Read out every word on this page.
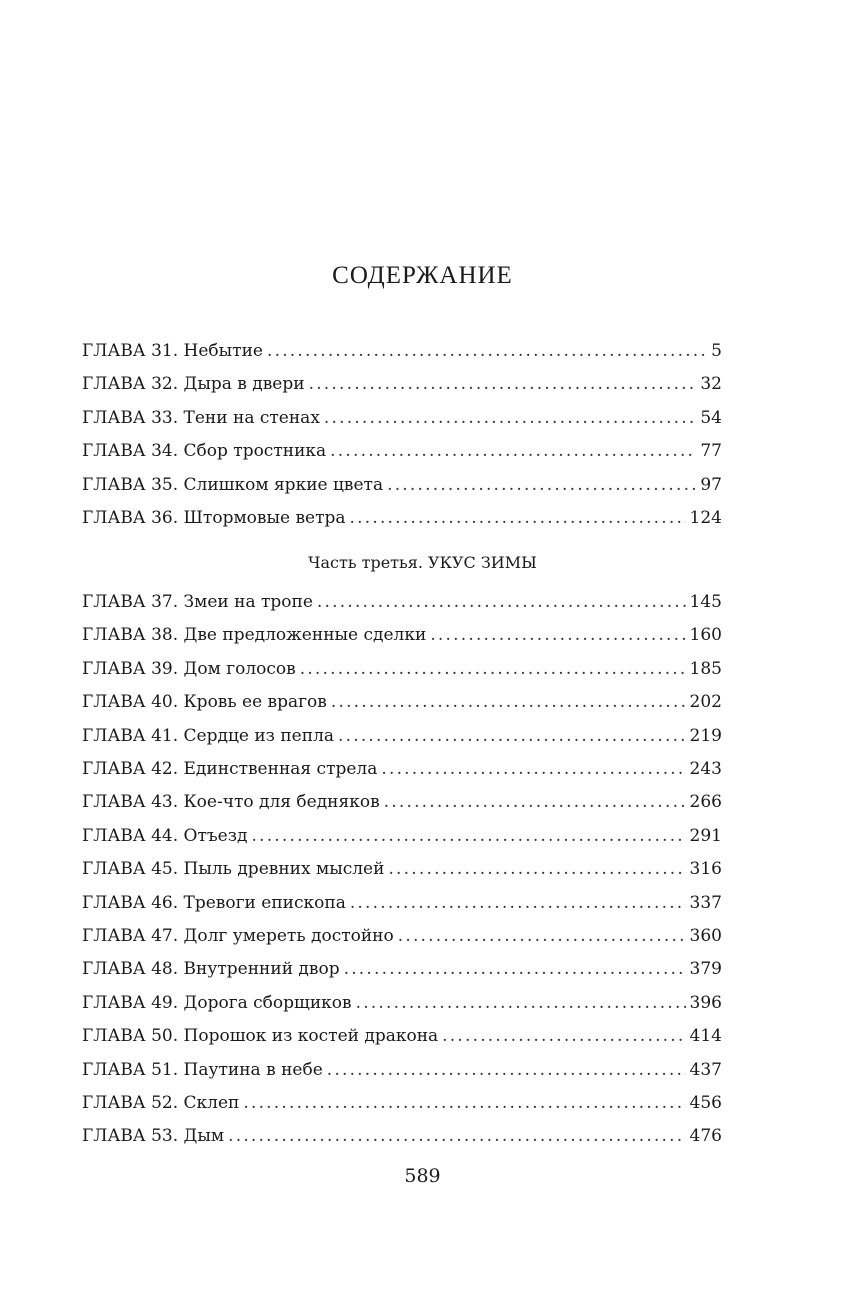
СОДЕРЖАНИЕ
ГЛАВА 31. Небытие .....	5
ГЛАВА 32. Дыра в двери .....	32
ГЛАВА 33. Тени на стенах .....	54
ГЛАВА 34. Сбор тростника .....	77
ГЛАВА 35. Слишком яркие цвета .....	97
ГЛАВА 36. Штормовые ветра .....	124
Часть третья. УКУС ЗИМЫ
ГЛАВА 37. Змеи на тропе .....	145
ГЛАВА 38. Две предложенные сделки .....	160
ГЛАВА 39. Дом голосов .....	185
ГЛАВА 40. Кровь ее врагов .....	202
ГЛАВА 41. Сердце из пепла .....	219
ГЛАВА 42. Единственная стрела .....	243
ГЛАВА 43. Кое-что для бедняков .....	266
ГЛАВА 44. Отъезд .....	291
ГЛАВА 45. Пыль древних мыслей .....	316
ГЛАВА 46. Тревоги епископа .....	337
ГЛАВА 47. Долг умереть достойно .....	360
ГЛАВА 48. Внутренний двор .....	379
ГЛАВА 49. Дорога сборщиков .....	396
ГЛАВА 50. Порошок из костей дракона .....	414
ГЛАВА 51. Паутина в небе .....	437
ГЛАВА 52. Склеп .....	456
ГЛАВА 53. Дым .....	476
589
